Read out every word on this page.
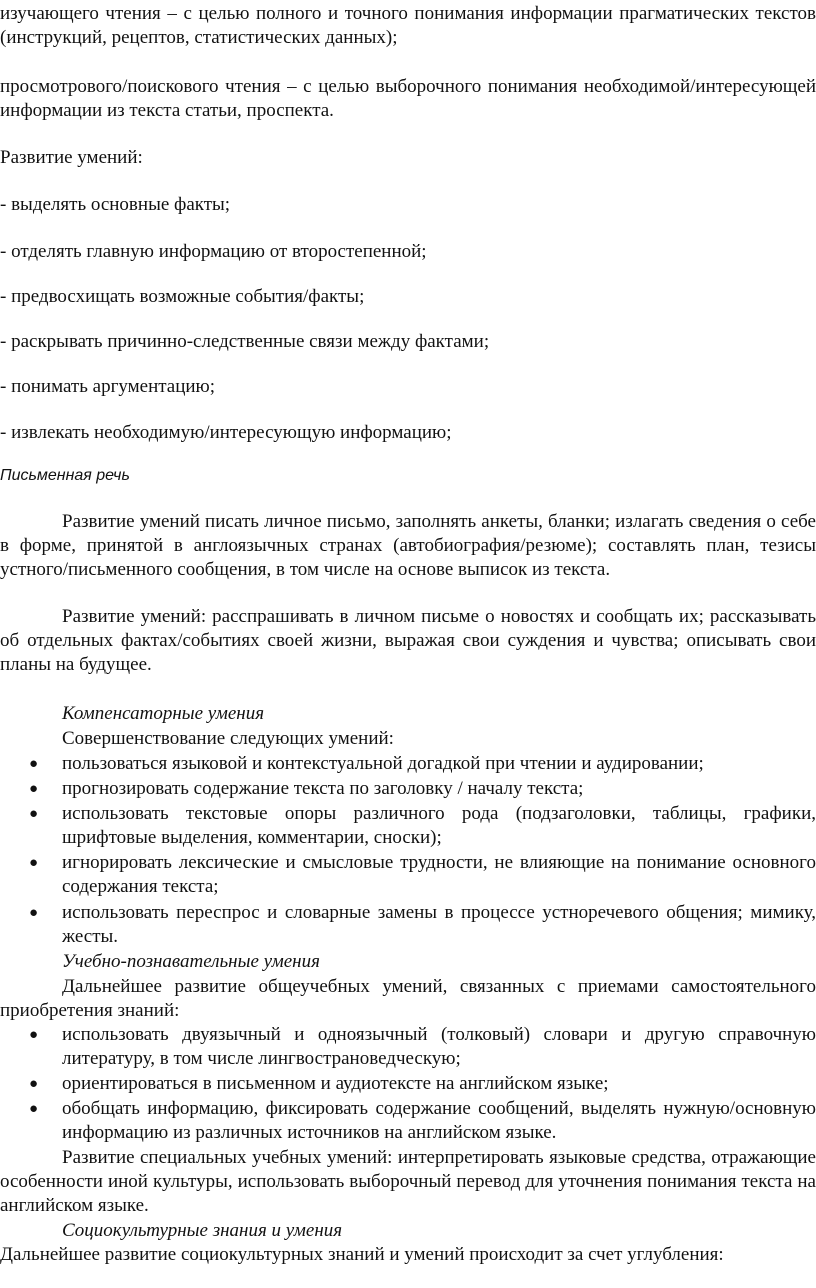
изучающего чтения – с целью полного и точного понимания информации прагматических текстов (инструкций, рецептов, статистических данных);

просмотрового/поискового чтения – с целью выборочного понимания необходимой/интересующей информации из текста статьи, проспекта.

Развитие умений:

- выделять основные факты;

- отделять главную информацию от второстепенной;

- предвосхищать возможные события/факты;

- раскрывать причинно-следственные связи между фактами;

- понимать аргументацию;

- извлекать необходимую/интересующую информацию;

Письменная речь

Развитие умений писать личное письмо, заполнять анкеты, бланки; излагать сведения о себе в форме, принятой в англоязычных странах (автобиография/резюме); составлять план, тезисы устного/письменного сообщения, в том числе на основе выписок из текста.

Развитие умений: расспрашивать в личном письме о новостях и сообщать их; рассказывать об отдельных фактах/событиях своей жизни, выражая свои суждения и чувства; описывать свои планы на будущее.

Компенсаторные умения

Совершенствование следующих умений:

● пользоваться языковой и контекстуальной догадкой при чтении и аудировании;
● прогнозировать содержание текста по заголовку / началу текста;
● использовать текстовые опоры различного рода (подзаголовки, таблицы, графики, шрифтовые выделения, комментарии, сноски);
● игнорировать лексические и смысловые трудности, не влияющие на понимание основного содержания текста;
● использовать переспрос и словарные замены в процессе устноречевого общения; мимику, жесты.

Учебно-познавательные умения

Дальнейшее развитие общеучебных умений, связанных с приемами самостоятельного приобретения знаний:

● использовать двуязычный и одноязычный (толковый) словари и другую справочную литературу, в том числе лингвострановедческую;
● ориентироваться в письменном и аудиотексте на английском языке;
● обобщать информацию, фиксировать содержание сообщений, выделять нужную/основную информацию из различных источников на английском языке.

Развитие специальных учебных умений: интерпретировать языковые средства, отражающие особенности иной культуры, использовать выборочный перевод для уточнения понимания текста на английском языке.

Социокультурные знания и умения

Дальнейшее развитие социокультурных знаний и умений происходит за счет углубления:
